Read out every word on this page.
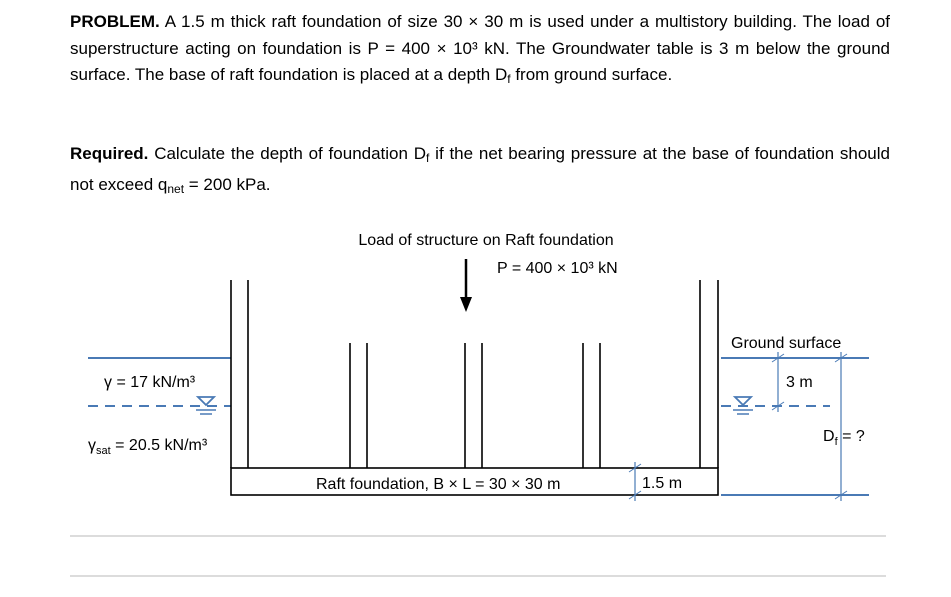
PROBLEM. A 1.5 m thick raft foundation of size 30 × 30 m is used under a multistory building. The load of superstructure acting on foundation is P = 400 × 10³ kN. The Groundwater table is 3 m below the ground surface. The base of raft foundation is placed at a depth $D_f$ from ground surface.

Required. Calculate the depth of foundation $D_f$ if the net bearing pressure at the base of foundation should not exceed $q_{net} = 200$ kPa.

Load of structure on Raft foundation
P = 400 × 10³ kN
Ground surface
γ = 17 kN/m³
$\gamma_{sat} = 20.5$ kN/m³
Raft foundation, B × L = 30 × 30 m	1.5 m
3 m
$D_f$ = ?
